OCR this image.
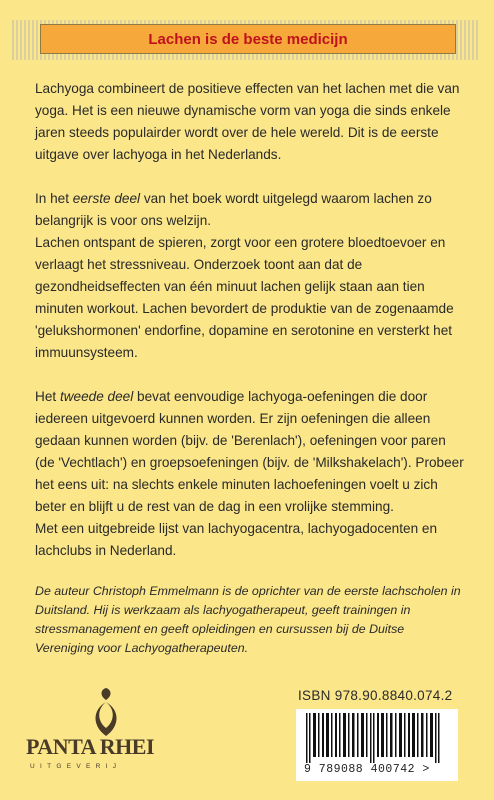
Lachen is de beste medicijn

Lachyoga combineert de positieve effecten van het lachen met die van yoga. Het is een nieuwe dynamische vorm van yoga die sinds enkele jaren steeds populairder wordt over de hele wereld. Dit is de eerste uitgave over lachyoga in het Nederlands.

In het eerste deel van het boek wordt uitgelegd waarom lachen zo belangrijk is voor ons welzijn.

Lachen ontspant de spieren, zorgt voor een grotere bloedtoevoer en verlaagt het stressniveau. Onderzoek toont aan dat de gezondheidseffecten van één minuut lachen gelijk staan aan tien minuten workout. Lachen bevordert de produktie van de zogenaamde 'gelukshormonen' endorfine, dopamine en serotonine en versterkt het immuunsysteem.

Het tweede deel bevat eenvoudige lachyoga-oefeningen die door iedereen uitgevoerd kunnen worden. Er zijn oefeningen die alleen gedaan kunnen worden (bijv. de 'Berenlach'), oefeningen voor paren (de 'Vechtlach') en groepsoefeningen (bijv. de 'Milkshakelach'). Probeer het eens uit: na slechts enkele minuten lachoefeningen voelt u zich beter en blijft u de rest van de dag in een vrolijke stemming.

Met een uitgebreide lijst van lachyogacentra, lachyogadocenten en lachclubs in Nederland.

De auteur Christoph Emmelmann is de oprichter van de eerste lachscholen in Duitsland. Hij is werkzaam als lachyogatherapeut, geeft trainingen in stressmanagement en geeft opleidingen en cursussen bij de Duitse Vereniging voor Lachyogatherapeuten.
PANTA RHEI
UITGEVERIJ
ISBN 978.90.8840.074.2
9 789088 400742 >
